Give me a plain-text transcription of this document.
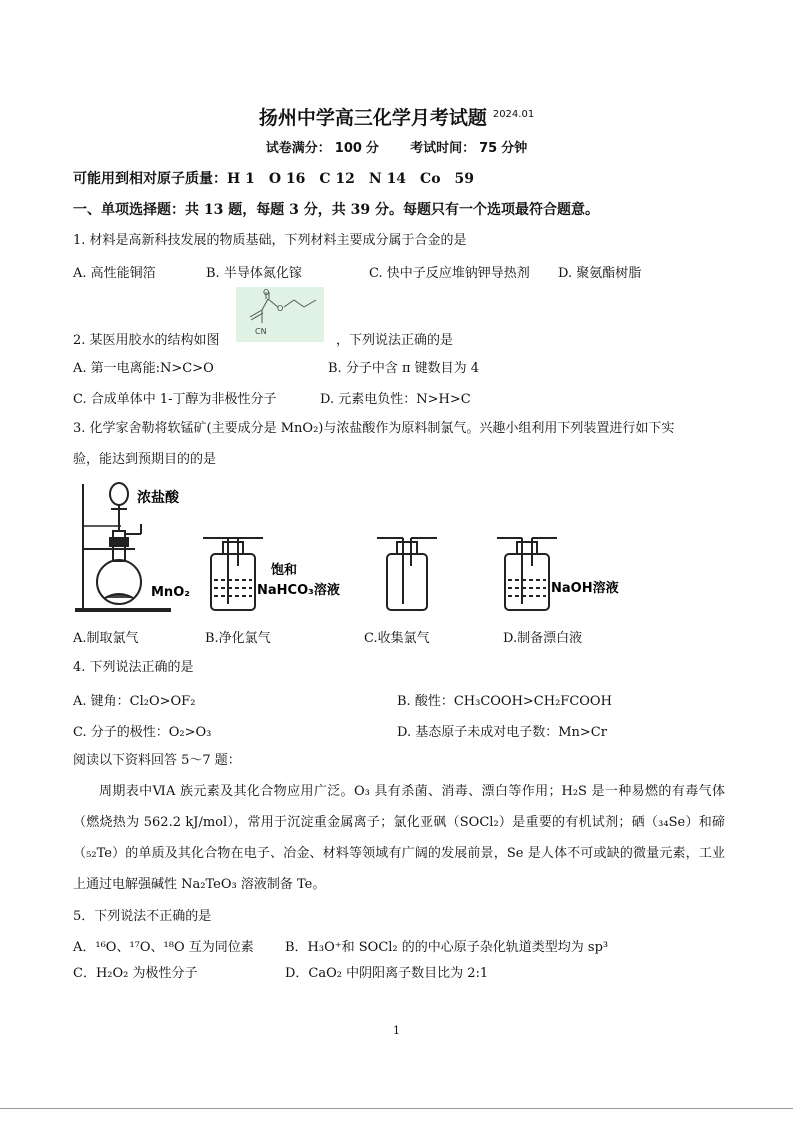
扬州中学高三化学月考试题 $^{2024.01}$
试卷满分： 100 分 考试时间： 75 分钟
可能用到相对原子质量：H 1　O 16　C 12　N 14　Co　59
一、单项选择题：共 13 题，每题 3 分，共 39 分。每题只有一个选项最符合题意。
1. 材料是高新科技发展的物质基础，下列材料主要成分属于合金的是
A. 高性能铜箔	B. 半导体氮化镓	C. 快中子反应堆钠钾导热剂 D. 聚氨酯树脂
2. 某医用胶水的结构如图
O
O
CN
，下列说法正确的是
A. 第一电离能:N>C>O	B. 分子中含 π 键数目为 4
C. 合成单体中 1-丁醇为非极性分子	D. 元素电负性：N>H>C
3. 化学家舍勒将软锰矿(主要成分是 MnO₂)与浓盐酸作为原料制氯气。兴趣小组利用下列装置进行如下实
验，能达到预期目的的是
浓盐酸
MnO₂
饱和
NaHCO₃溶液	NaOH溶液
A.制取氯气	B.净化氯气	C.收集氯气	D.制备漂白液
4. 下列说法正确的是
A. 键角：Cl₂O>OF₂	B. 酸性：CH₃COOH>CH₂FCOOH
C. 分子的极性：O₂>O₃	D. 基态原子未成对电子数：Mn>Cr
阅读以下资料回答 5～7 题：

周期表中ⅥA 族元素及其化合物应用广泛。O₃ 具有杀菌、消毒、漂白等作用；H₂S 是一种易燃的有毒气体（燃烧热为 562.2 kJ/mol），常用于沉淀重金属离子；氯化亚砜（SOCl₂）是重要的有机试剂；硒（₃₄Se）和碲（₅₂Te）的单质及其化合物在电子、冶金、材料等领域有广阔的发展前景，Se 是人体不可或缺的微量元素，工业上通过电解强碱性 Na₂TeO₃ 溶液制备 Te。

5．下列说法不正确的是
A．¹⁶O、¹⁷O、¹⁸O 互为同位素 B．H₃O⁺和 SOCl₂ 的的中心原子杂化轨道类型均为 sp³
C．H₂O₂ 为极性分子	D．CaO₂ 中阴阳离子数目比为 2:1
1
